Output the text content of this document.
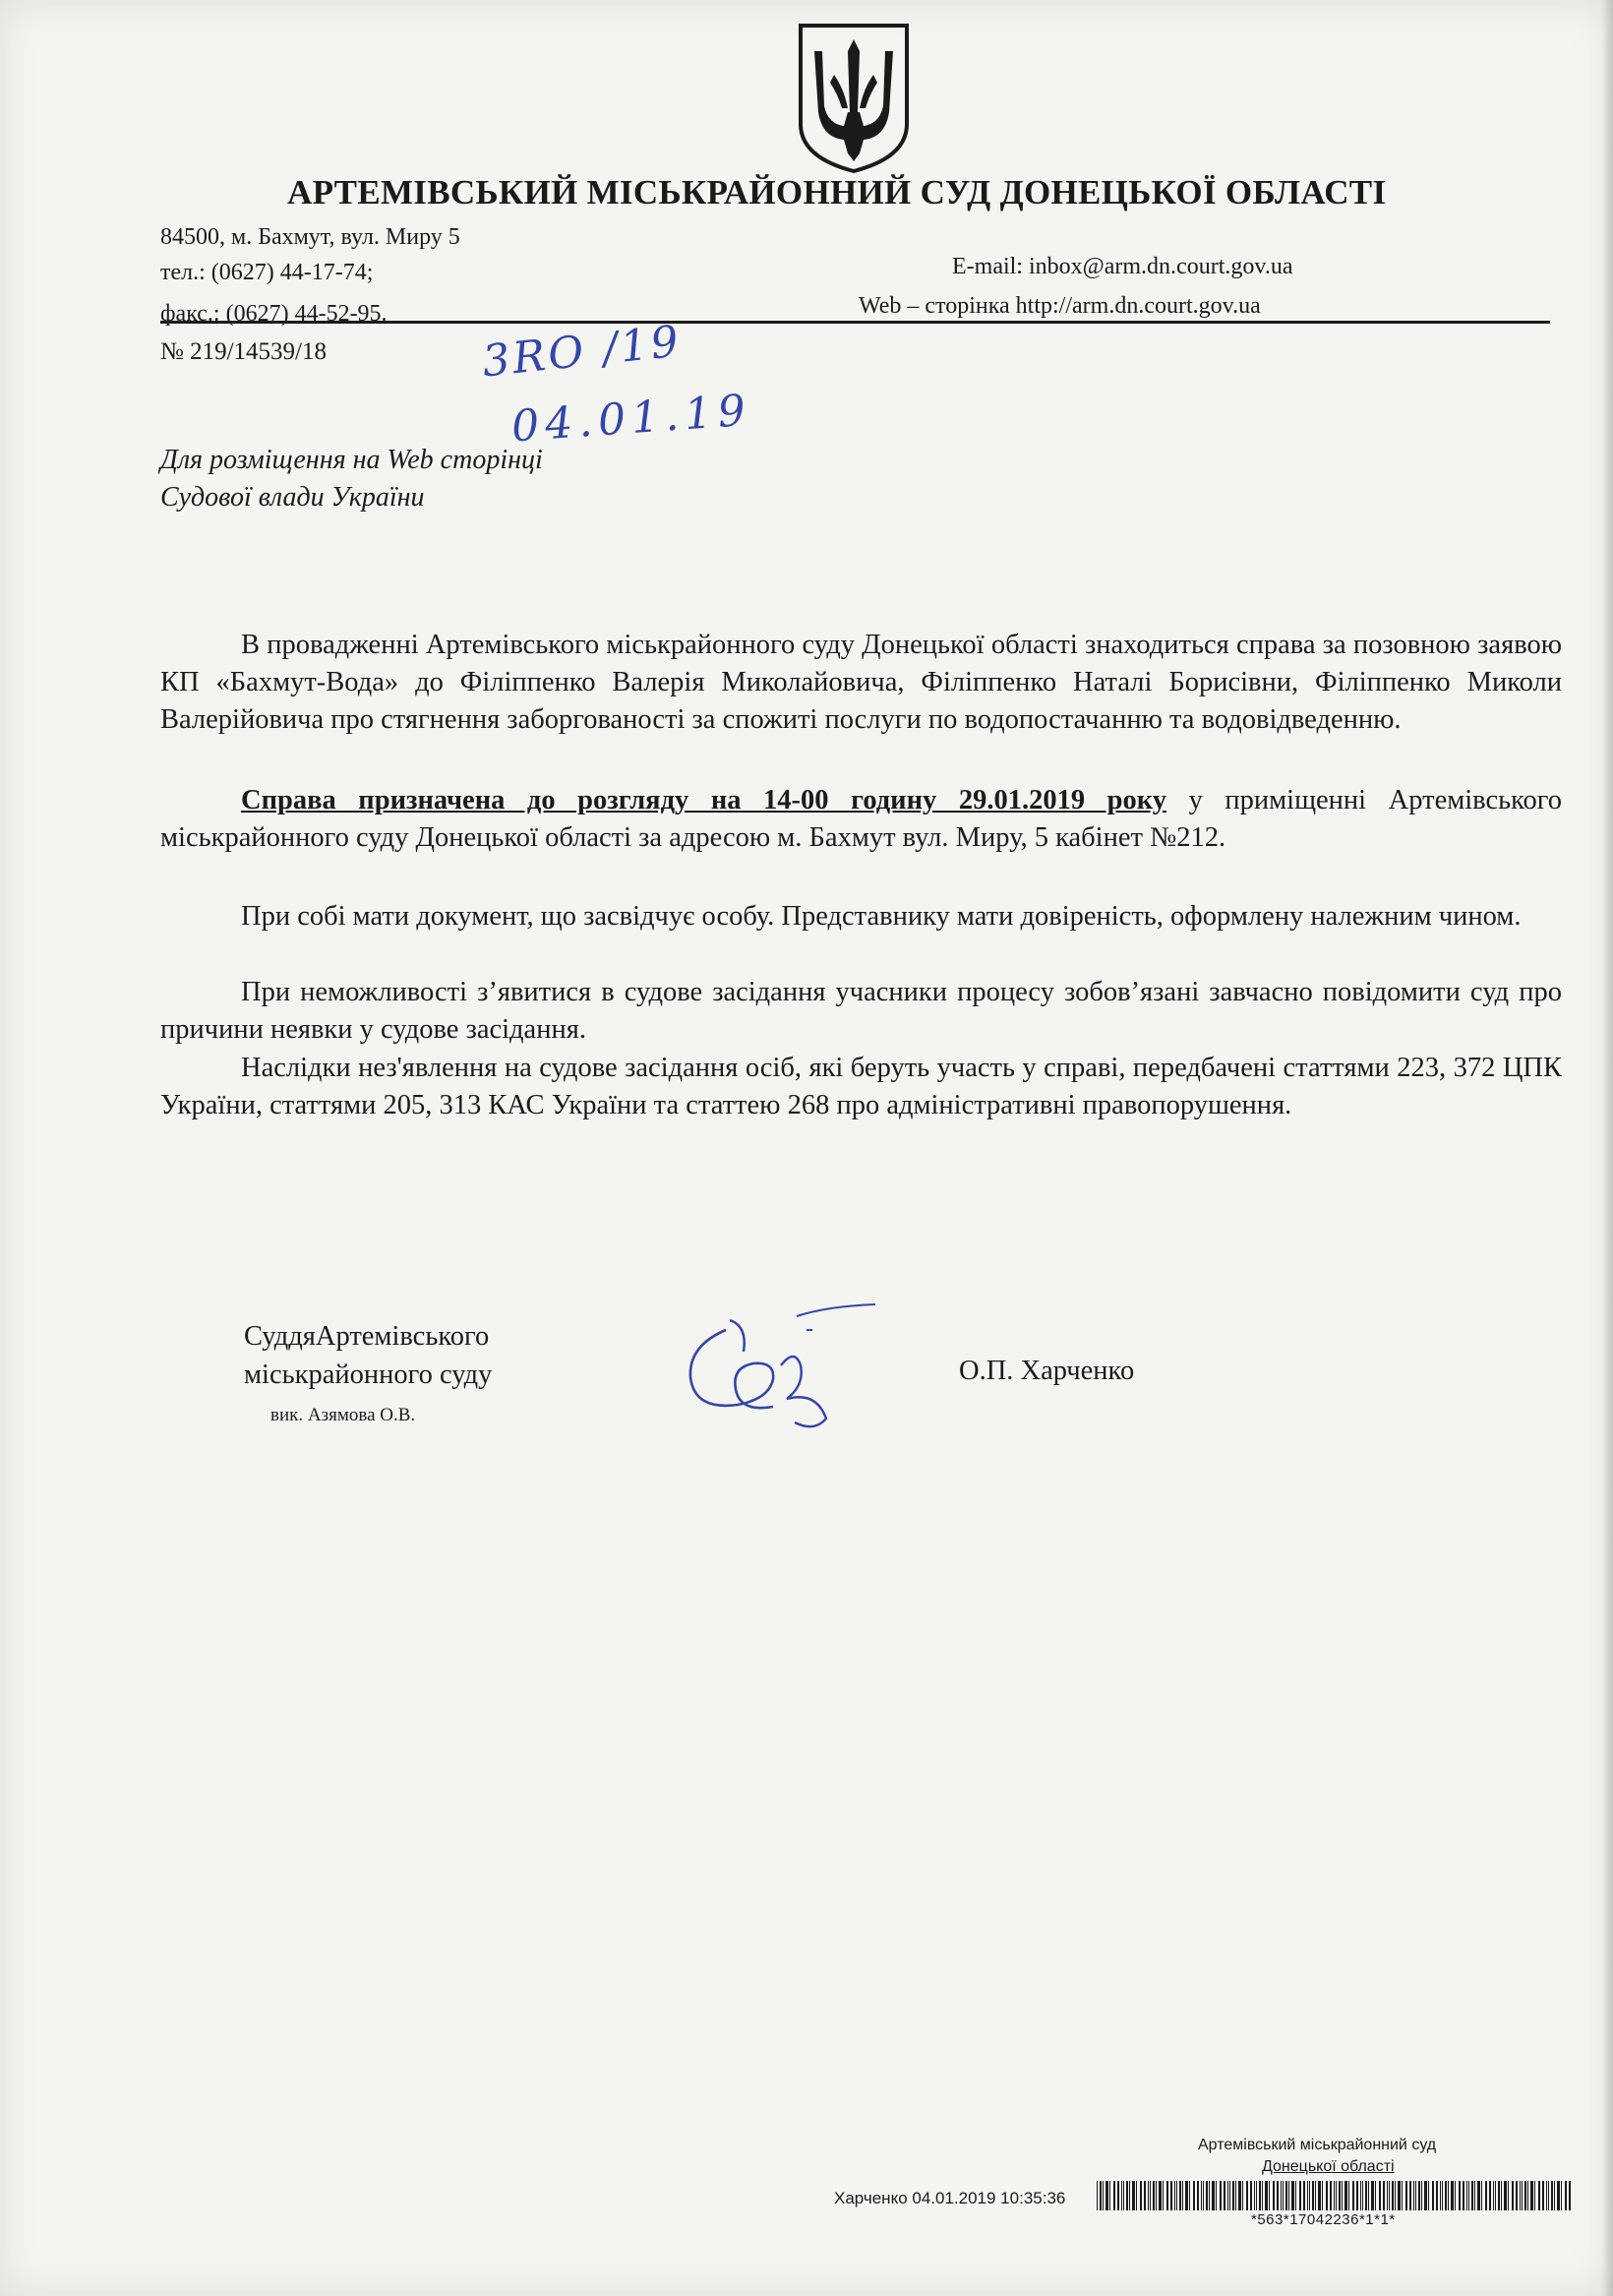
АРТЕМІВСЬКИЙ МІСЬКРАЙОННИЙ СУД ДОНЕЦЬКОЇ ОБЛАСТІ
84500, м. Бахмут, вул. Миру 5
тел.: (0627) 44-17-74;
факс.: (0627) 44-52-95.
E-mail: inbox@arm.dn.court.gov.ua
Web – сторінка http://arm.dn.court.gov.ua
№ 219/14539/18	3RO /19
04.01.19
Для розміщення на Web сторінці
Судової влади України

В провадженні Артемівського міськрайонного суду Донецької області знаходиться справа за позовною заявою КП «Бахмут-Вода» до Філіппенко Валерія Миколайовича, Філіппенко Наталі Борисівни, Філіппенко Миколи Валерійовича про стягнення заборгованості за спожиті послуги по водопостачанню та водовідведенню.

Справа призначена до розгляду на 14-00 годину 29.01.2019 року у приміщенні Артемівського міськрайонного суду Донецької області за адресою м. Бахмут вул. Миру, 5 кабінет №212.

При собі мати документ, що засвідчує особу. Представнику мати довіреність, оформлену належним чином.

При неможливості з’явитися в судове засідання учасники процесу зобов’язані завчасно повідомити суд про причини неявки у судове засідання.

Наслідки нез'явлення на судове засідання осіб, які беруть участь у справі, передбачені статтями 223, 372 ЦПК України, статтями 205, 313 КАС України та статтею 268 про адміністративні правопорушення.

СуддяАртемівського
міськрайонного суду
вик. Азямова О.В.
О.П. Харченко
Артемівський міськрайонний суд
Донецької області
Харченко 04.01.2019 10:35:36
*563*17042236*1*1*
